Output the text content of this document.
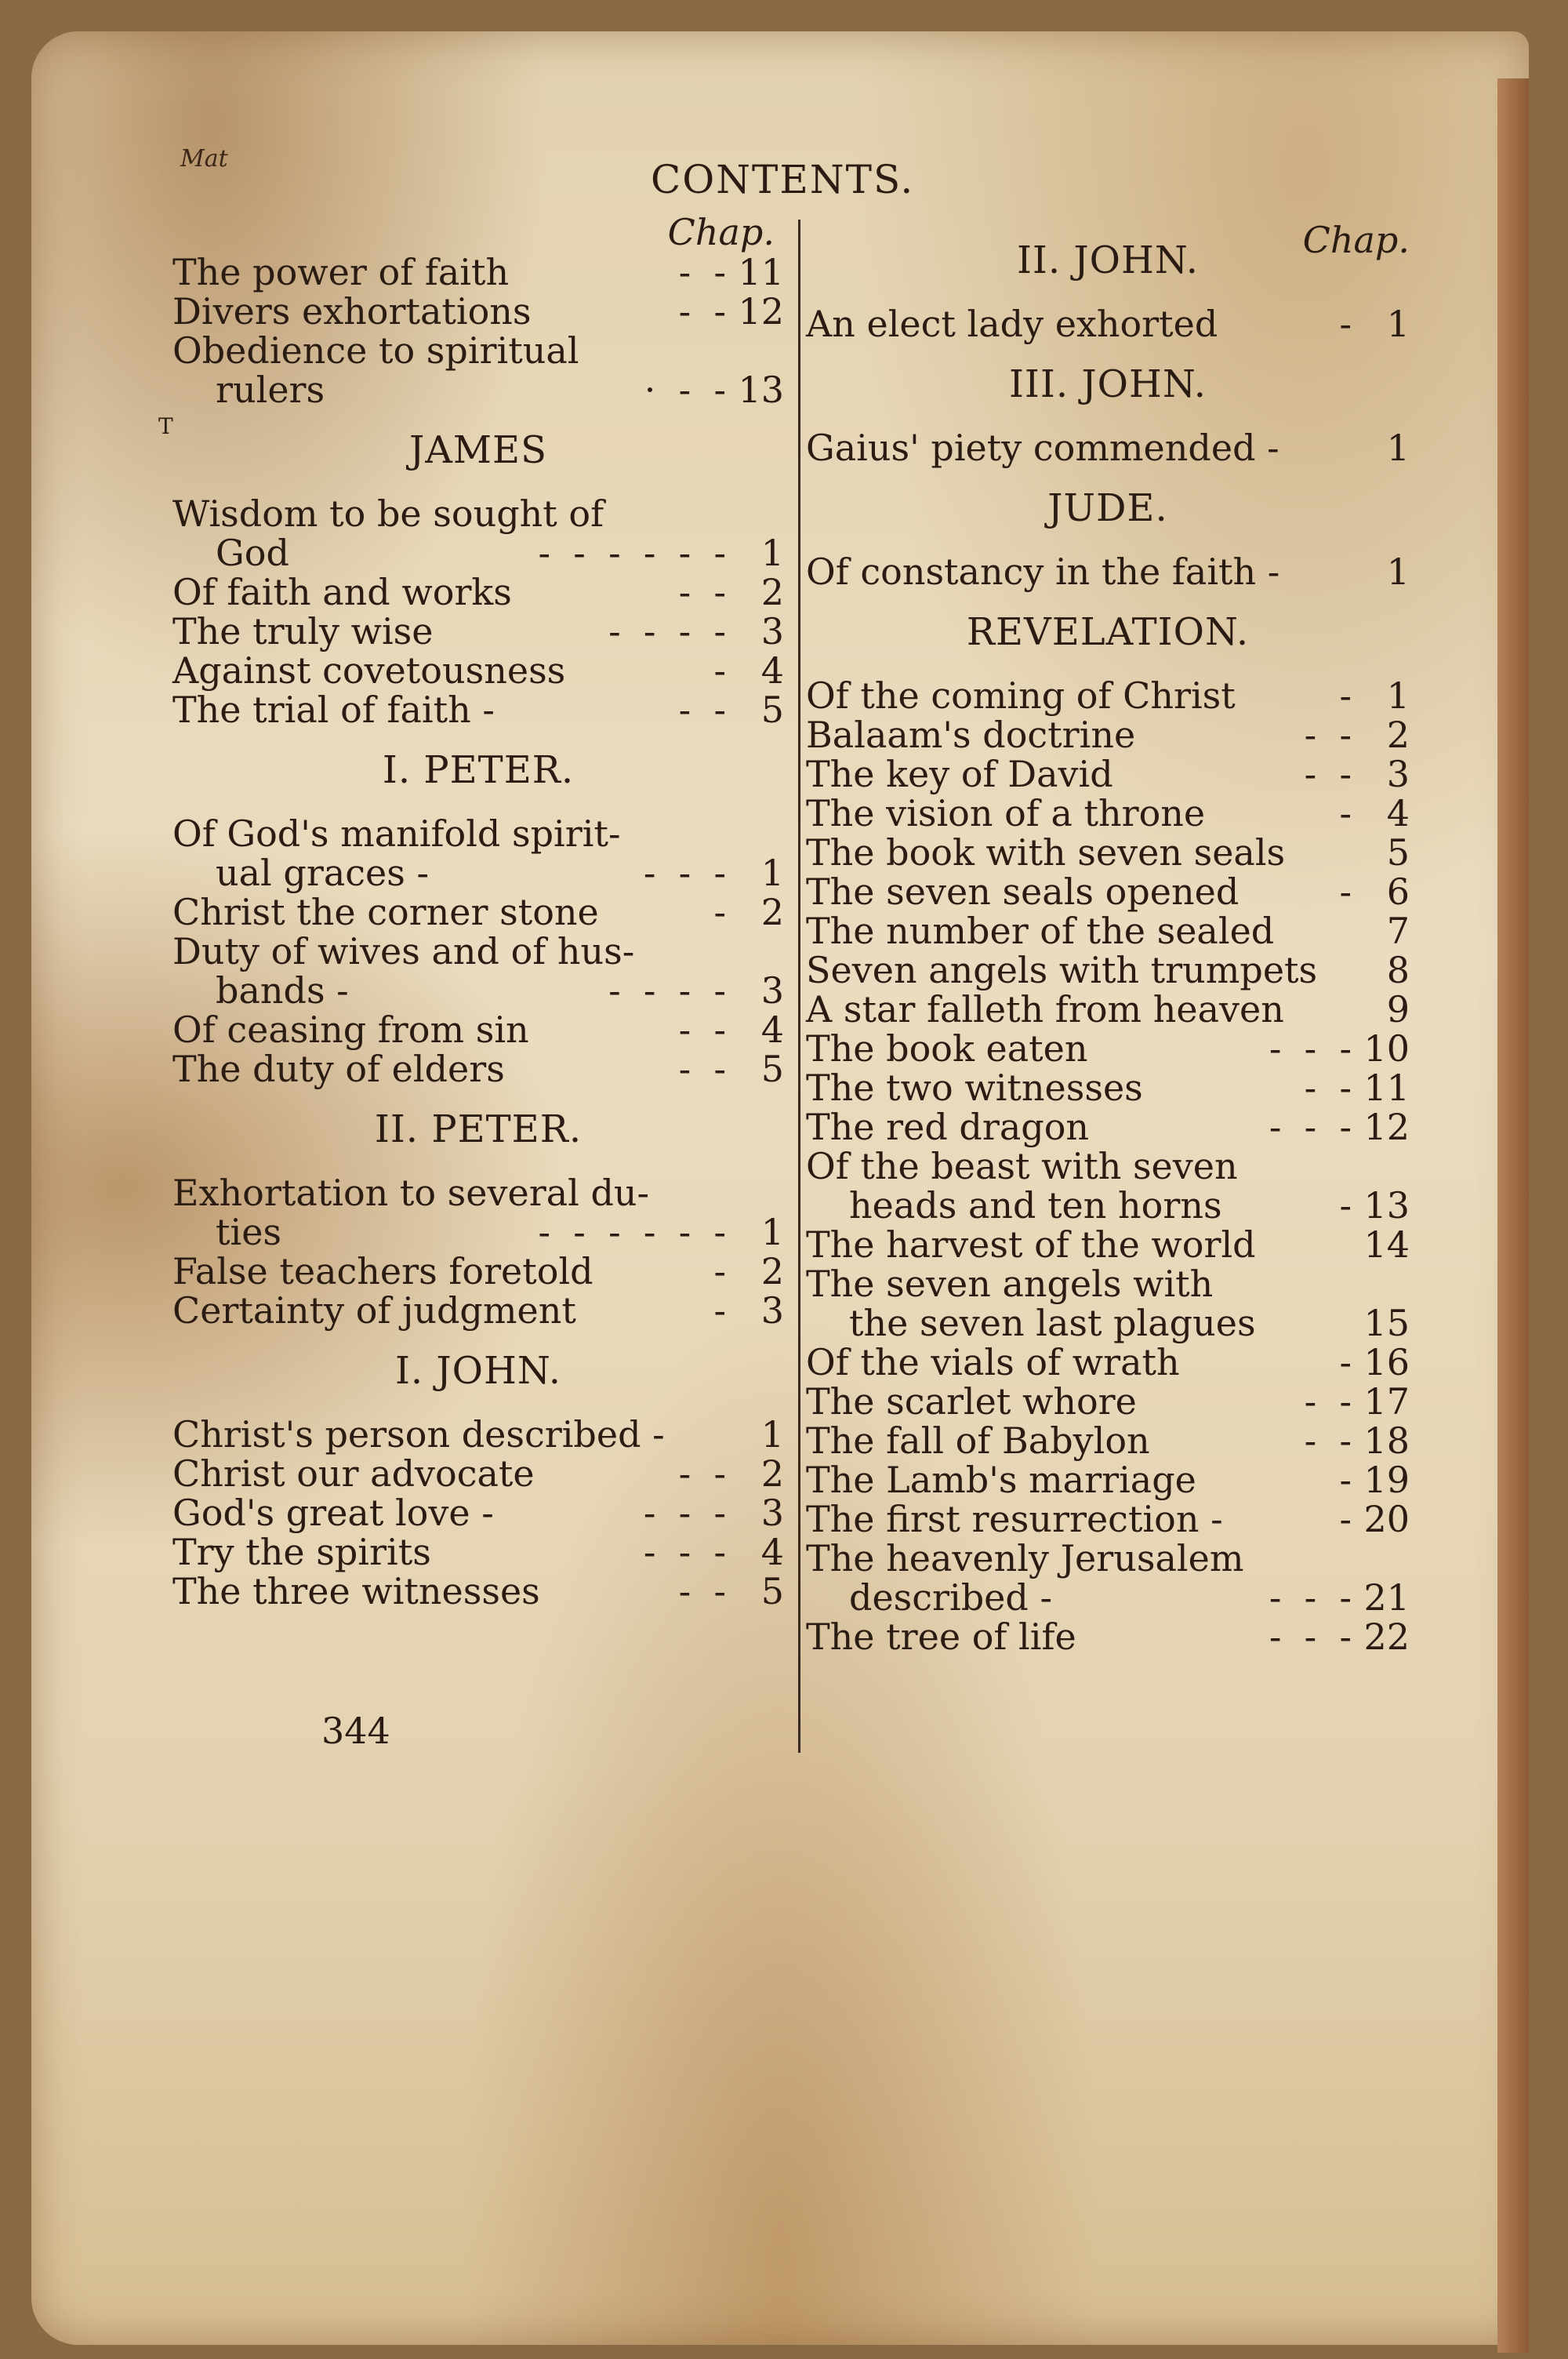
Mat	CONTENTS.
T
Chap.
The power of faith	-  - 11
Divers exhortations	-  - 12
Obedience to spiritual
rulers	·  -  - 13
JAMES
Wisdom to be sought of
God	-  -  -  -  -  - 1
Of faith and works	-  - 2
The truly wise	-  -  -  - 3
Against covetousness	- 4
The trial of faith -	-  - 5
I. PETER.
Of God's manifold spirit-
ual graces -	-  -  - 1
Christ the corner stone	- 2
Duty of wives and of hus-
bands -	-  -  -  - 3
Of ceasing from sin	-  - 4
The duty of elders	-  - 5
II. PETER.
Exhortation to several du-
ties	-  -  -  -  -  - 1
False teachers foretold	- 2
Certainty of judgment	- 3
I. JOHN.
Christ's person described -	1
Christ our advocate	-  - 2
God's great love -	-  -  - 3
Try the spirits	-  -  - 4
The three witnesses	-  - 5
344
Chap.
II. JOHN.
An elect lady exhorted	- 1
III. JOHN.
Gaius' piety commended -	1
JUDE.
Of constancy in the faith -	1
REVELATION.
Of the coming of Christ	- 1
Balaam's doctrine	-  - 2
The key of David	-  - 3
The vision of a throne	- 4
The book with seven seals	5
The seven seals opened	- 6
The number of the sealed	7
Seven angels with trumpets	8
A star falleth from heaven	9
The book eaten	-  -  - 10
The two witnesses	-  - 11
The red dragon	-  -  - 12
Of the beast with seven
heads and ten horns	- 13
The harvest of the world	14
The seven angels with
the seven last plagues	15
Of the vials of wrath	- 16
The scarlet whore	-  - 17
The fall of Babylon	-  - 18
The Lamb's marriage	- 19
The first resurrection -	- 20
The heavenly Jerusalem
described -	-  -  - 21
The tree of life	-  -  - 22
